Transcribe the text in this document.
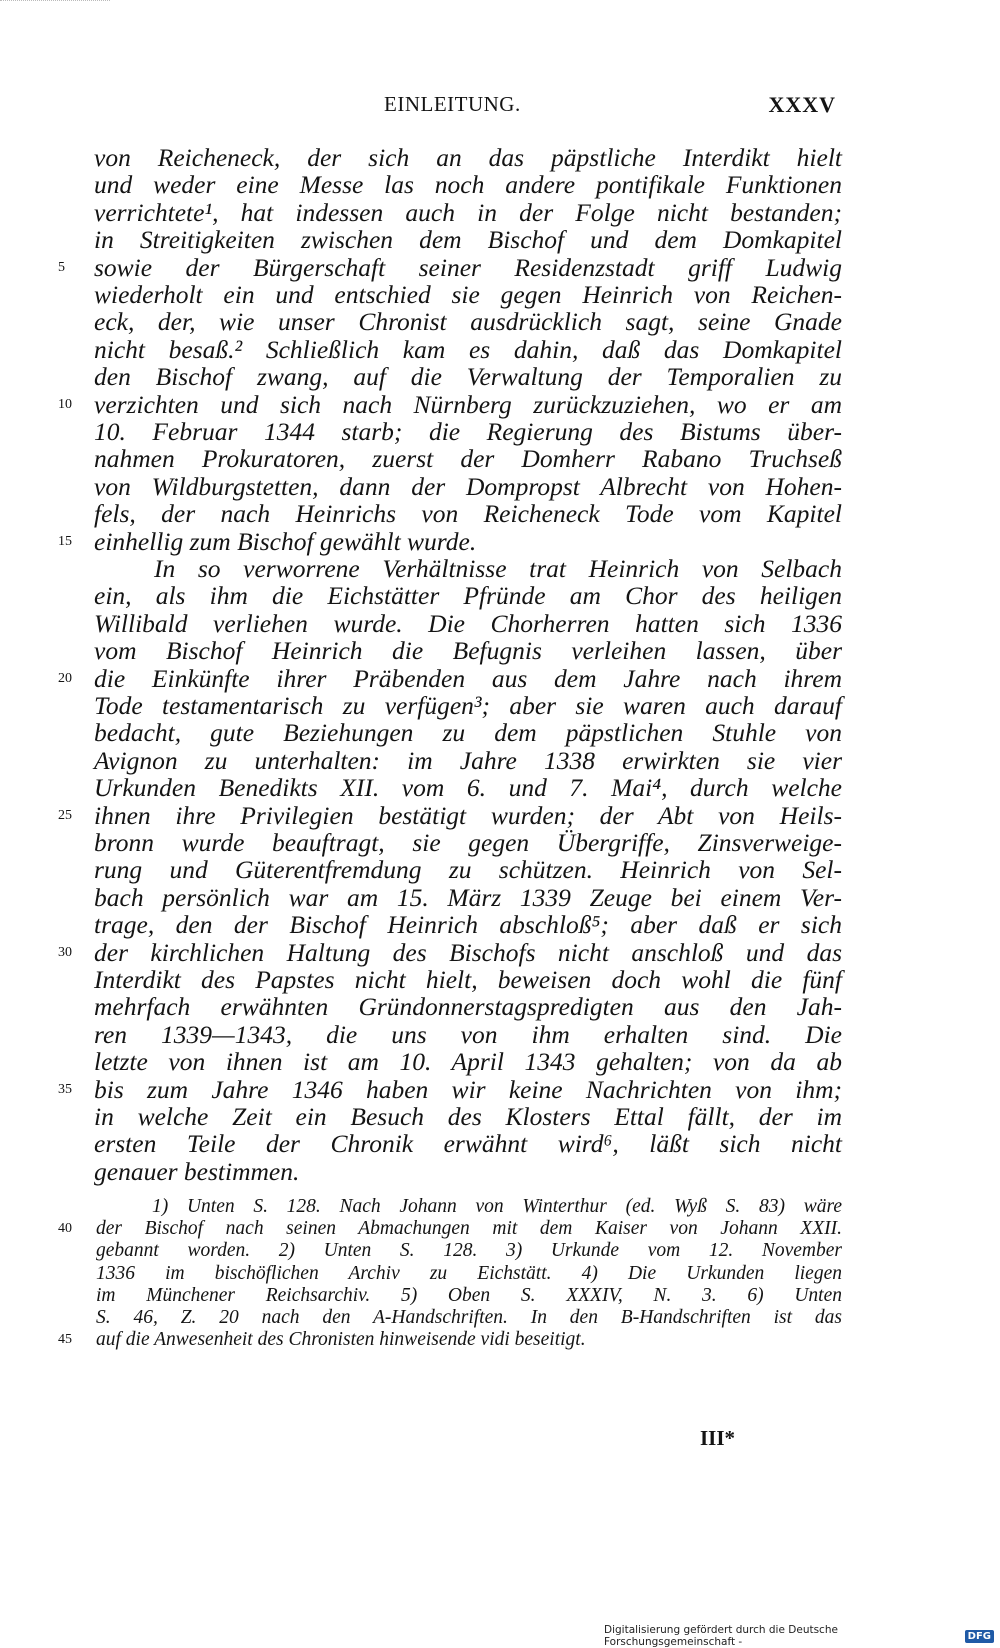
EINLEITUNG.	XXXV
von Reicheneck, der sich an das päpstliche Interdikt hielt
und weder eine Messe las noch andere pontifikale Funktionen
verrichtete¹, hat indessen auch in der Folge nicht bestanden;
in Streitigkeiten zwischen dem Bischof und dem Domkapitel
5	sowie der Bürgerschaft seiner Residenzstadt griff Ludwig
wiederholt ein und entschied sie gegen Heinrich von Reichen-
eck, der, wie unser Chronist ausdrücklich sagt, seine Gnade
nicht besaß.² Schließlich kam es dahin, daß das Domkapitel
den Bischof zwang, auf die Verwaltung der Temporalien zu
10 verzichten und sich nach Nürnberg zurückzuziehen, wo er am
10. Februar 1344 starb; die Regierung des Bistums über-
nahmen Prokuratoren, zuerst der Domherr Rabano Truchseß
von Wildburgstetten, dann der Dompropst Albrecht von Hohen-
fels, der nach Heinrichs von Reicheneck Tode vom Kapitel
15 einhellig zum Bischof gewählt wurde.
In so verworrene Verhältnisse trat Heinrich von Selbach
ein, als ihm die Eichstätter Pfründe am Chor des heiligen
Willibald verliehen wurde. Die Chorherren hatten sich 1336
vom Bischof Heinrich die Befugnis verleihen lassen, über
20 die Einkünfte ihrer Präbenden aus dem Jahre nach ihrem
Tode testamentarisch zu verfügen³; aber sie waren auch darauf
bedacht, gute Beziehungen zu dem päpstlichen Stuhle von
Avignon zu unterhalten: im Jahre 1338 erwirkten sie vier
Urkunden Benedikts XII. vom 6. und 7. Mai⁴, durch welche
25 ihnen ihre Privilegien bestätigt wurden; der Abt von Heils-
bronn wurde beauftragt, sie gegen Übergriffe, Zinsverweige-
rung und Güterentfremdung zu schützen. Heinrich von Sel-
bach persönlich war am 15. März 1339 Zeuge bei einem Ver-
trage, den der Bischof Heinrich abschloß⁵; aber daß er sich
30 der kirchlichen Haltung des Bischofs nicht anschloß und das
Interdikt des Papstes nicht hielt, beweisen doch wohl die fünf
mehrfach erwähnten Gründonnerstagspredigten aus den Jah-
ren 1339—1343, die uns von ihm erhalten sind. Die
letzte von ihnen ist am 10. April 1343 gehalten; von da ab
35 bis zum Jahre 1346 haben wir keine Nachrichten von ihm;
in welche Zeit ein Besuch des Klosters Ettal fällt, der im
ersten Teile der Chronik erwähnt wird⁶, läßt sich nicht
genauer bestimmen.
1) Unten S. 128. Nach Johann von Winterthur (ed. Wyß S. 83) wäre
40	der Bischof nach seinen Abmachungen mit dem Kaiser von Johann XXII.
gebannt worden. 2) Unten S. 128. 3) Urkunde vom 12. November
1336 im bischöflichen Archiv zu Eichstätt. 4) Die Urkunden liegen
im Münchener Reichsarchiv. 5) Oben S. XXXIV, N. 3. 6) Unten
S. 46, Z. 20 nach den A-Handschriften. In den B-Handschriften ist das
45	auf die Anwesenheit des Chronisten hinweisende vidi beseitigt.
III*
Digitalisierung gefördert durch die Deutsche Forschungsgemeinschaft -	DFG
